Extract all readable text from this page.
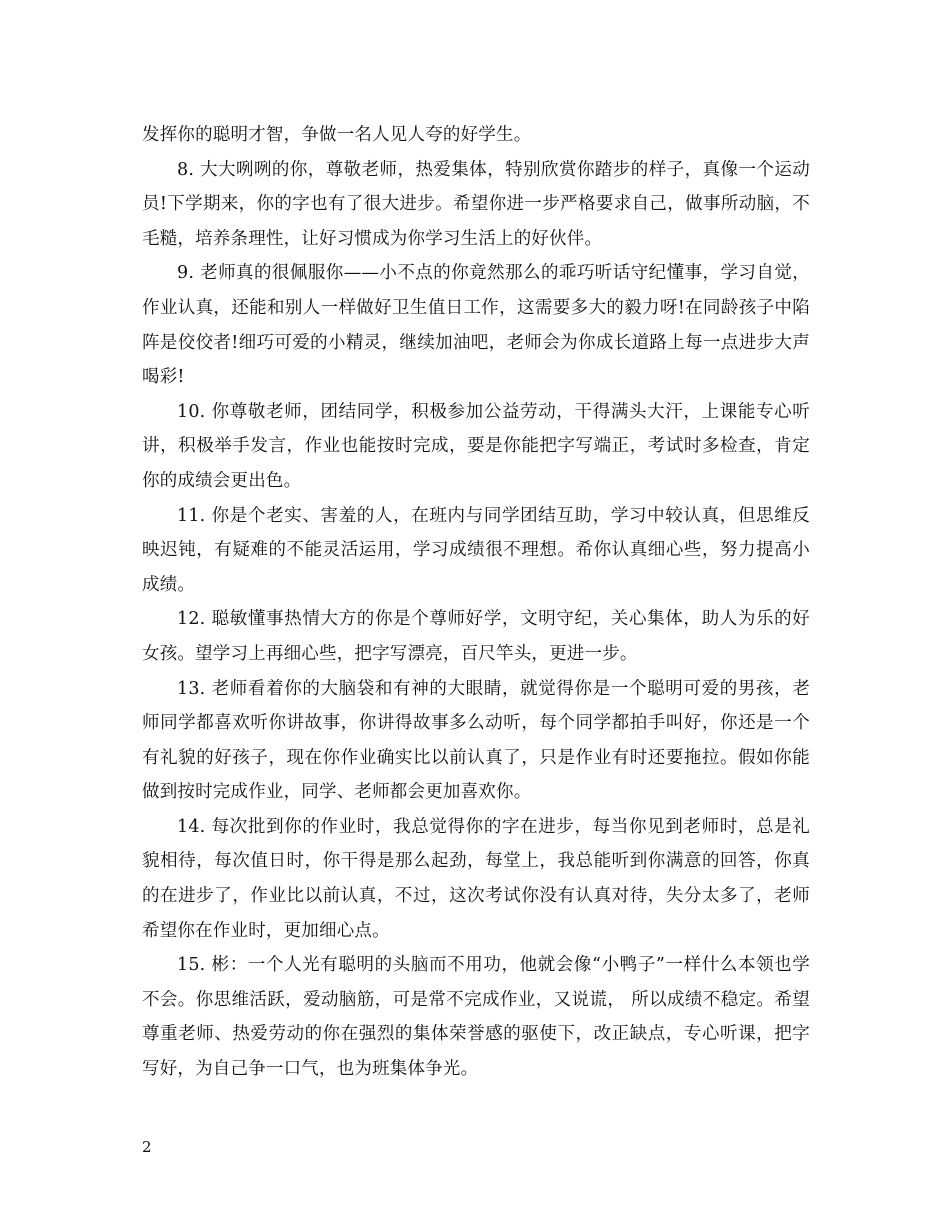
发挥你的聪明才智，争做一名人见人夸的好学生。

8. 大大咧咧的你，尊敬老师，热爱集体，特别欣赏你踏步的样子，真像一个运动员!下学期来，你的字也有了很大进步。希望你进一步严格要求自己，做事所动脑，不毛糙，培养条理性，让好习惯成为你学习生活上的好伙伴。

9. 老师真的很佩服你——小不点的你竟然那么的乖巧听话守纪懂事，学习自觉，作业认真，还能和别人一样做好卫生值日工作，这需要多大的毅力呀!在同龄孩子中陷阵是佼佼者!细巧可爱的小精灵，继续加油吧，老师会为你成长道路上每一点进步大声喝彩!

10. 你尊敬老师，团结同学，积极参加公益劳动，干得满头大汗，上课能专心听讲，积极举手发言，作业也能按时完成，要是你能把字写端正，考试时多检查，肯定你的成绩会更出色。

11. 你是个老实、害羞的人，在班内与同学团结互助，学习中较认真，但思维反映迟钝，有疑难的不能灵活运用，学习成绩很不理想。希你认真细心些，努力提高小成绩。

12. 聪敏懂事热情大方的你是个尊师好学，文明守纪，关心集体，助人为乐的好女孩。望学习上再细心些，把字写漂亮，百尺竿头，更进一步。

13. 老师看着你的大脑袋和有神的大眼睛，就觉得你是一个聪明可爱的男孩，老师同学都喜欢听你讲故事，你讲得故事多么动听，每个同学都拍手叫好，你还是一个有礼貌的好孩子，现在你作业确实比以前认真了，只是作业有时还要拖拉。假如你能做到按时完成作业，同学、老师都会更加喜欢你。

14. 每次批到你的作业时，我总觉得你的字在进步，每当你见到老师时，总是礼貌相待，每次值日时，你干得是那么起劲，每堂上，我总能听到你满意的回答，你真的在进步了，作业比以前认真，不过，这次考试你没有认真对待，失分太多了，老师希望你在作业时，更加细心点。

15. 彬：一个人光有聪明的头脑而不用功，他就会像“小鸭子”一样什么本领也学不会。你思维活跃，爱动脑筋，可是常不完成作业，又说谎， 所以成绩不稳定。希望 尊重老师、热爱劳动的你在强烈的集体荣誉感的驱使下，改正缺点，专心听课，把字写好，为自己争一口气，也为班集体争光。

2
